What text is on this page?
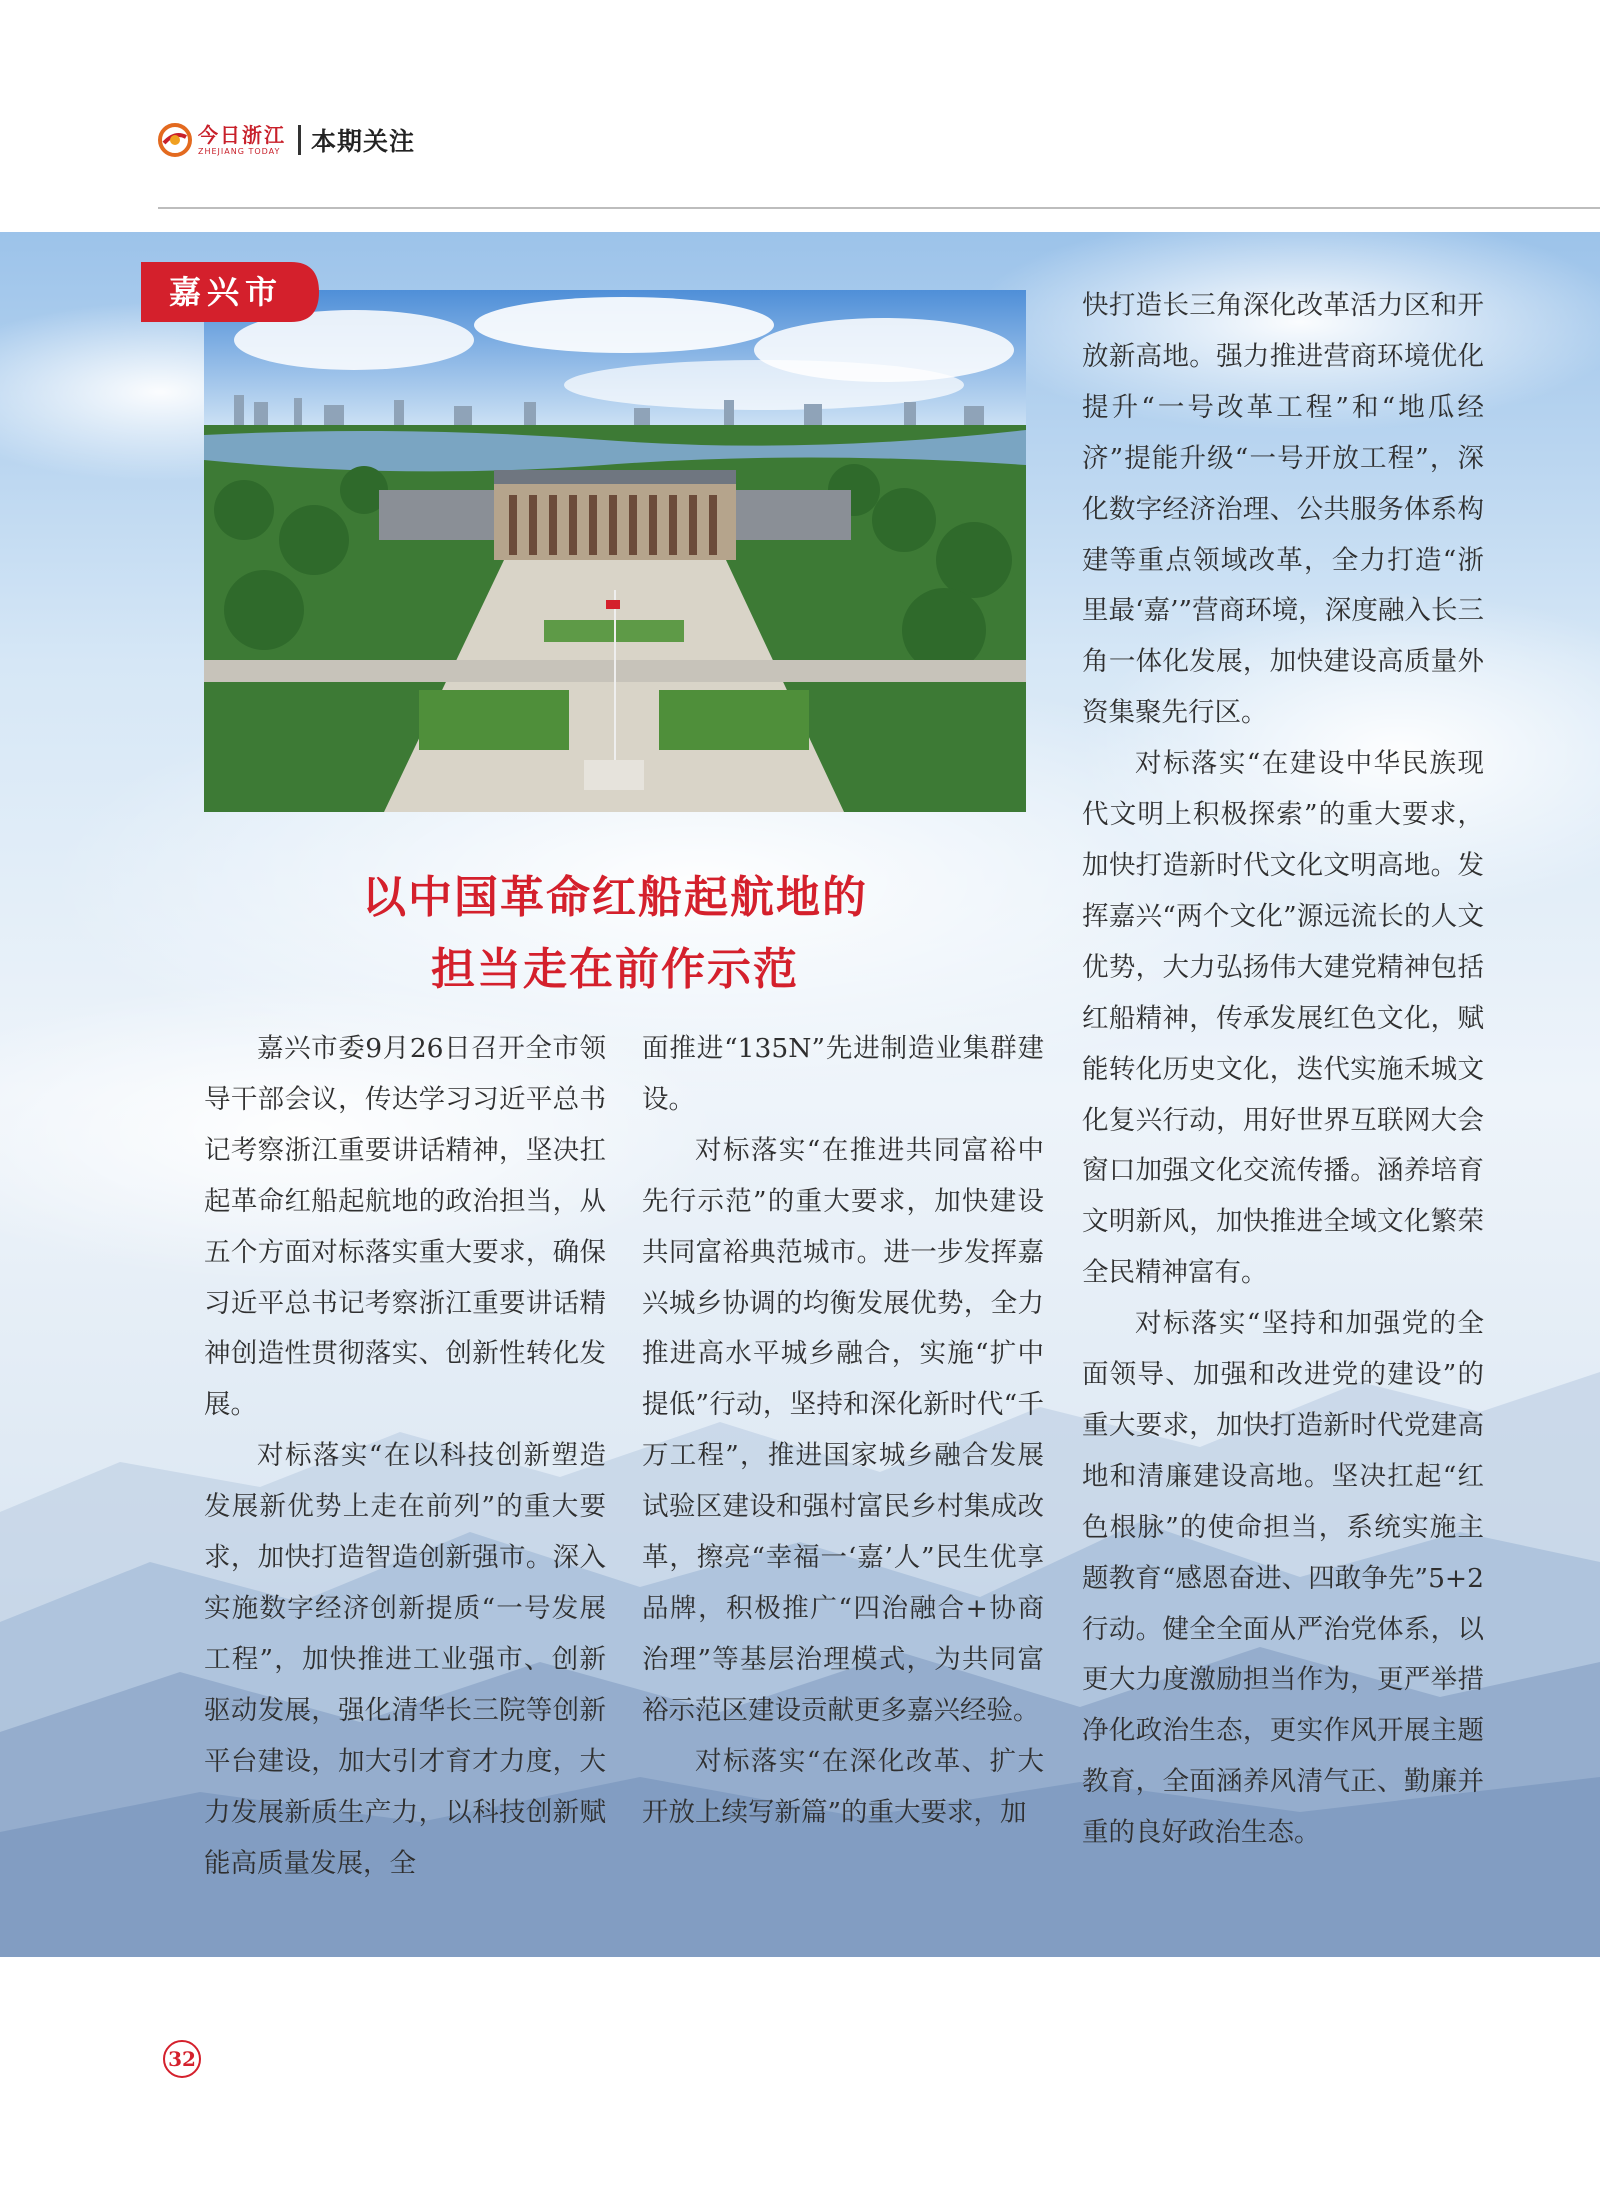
今日浙江
ZHEJIANG TODAY 本期关注
嘉兴市
以中国革命红船起航地的
担当走在前作示范

嘉兴市委9月26日召开全市领导干部会议，传达学习习近平总书记考察浙江重要讲话精神，坚决扛起革命红船起航地的政治担当，从五个方面对标落实重大要求，确保习近平总书记考察浙江重要讲话精神创造性贯彻落实、创新性转化发展。

对标落实“在以科技创新塑造发展新优势上走在前列”的重大要求，加快打造智造创新强市。深入实施数字经济创新提质“一号发展工程”，加快推进工业强市、创新驱动发展，强化清华长三院等创新平台建设，加大引才育才力度，大力发展新质生产力，以科技创新赋能高质量发展，全

面推进“135N”先进制造业集群建设。

对标落实“在推进共同富裕中先行示范”的重大要求，加快建设共同富裕典范城市。进一步发挥嘉兴城乡协调的均衡发展优势，全力推进高水平城乡融合，实施“扩中提低”行动，坚持和深化新时代“千万工程”，推进国家城乡融合发展试验区建设和强村富民乡村集成改革，擦亮“幸福一‘嘉’人”民生优享品牌，积极推广“四治融合+协商治理”等基层治理模式，为共同富裕示范区建设贡献更多嘉兴经验。

对标落实“在深化改革、扩大开放上续写新篇”的重大要求，加

快打造长三角深化改革活力区和开放新高地。强力推进营商环境优化提升“一号改革工程”和“地瓜经济”提能升级“一号开放工程”，深化数字经济治理、公共服务体系构建等重点领域改革，全力打造“浙里最‘嘉’”营商环境，深度融入长三角一体化发展，加快建设高质量外资集聚先行区。

对标落实“在建设中华民族现代文明上积极探索”的重大要求，加快打造新时代文化文明高地。发挥嘉兴“两个文化”源远流长的人文优势，大力弘扬伟大建党精神包括红船精神，传承发展红色文化，赋能转化历史文化，迭代实施禾城文化复兴行动，用好世界互联网大会窗口加强文化交流传播。涵养培育文明新风，加快推进全域文化繁荣全民精神富有。

对标落实“坚持和加强党的全面领导、加强和改进党的建设”的重大要求，加快打造新时代党建高地和清廉建设高地。坚决扛起“红色根脉”的使命担当，系统实施主题教育“感恩奋进、四敢争先”5+2行动。健全全面从严治党体系，以更大力度激励担当作为，更严举措净化政治生态，更实作风开展主题教育，全面涵养风清气正、勤廉并重的良好政治生态。

32
